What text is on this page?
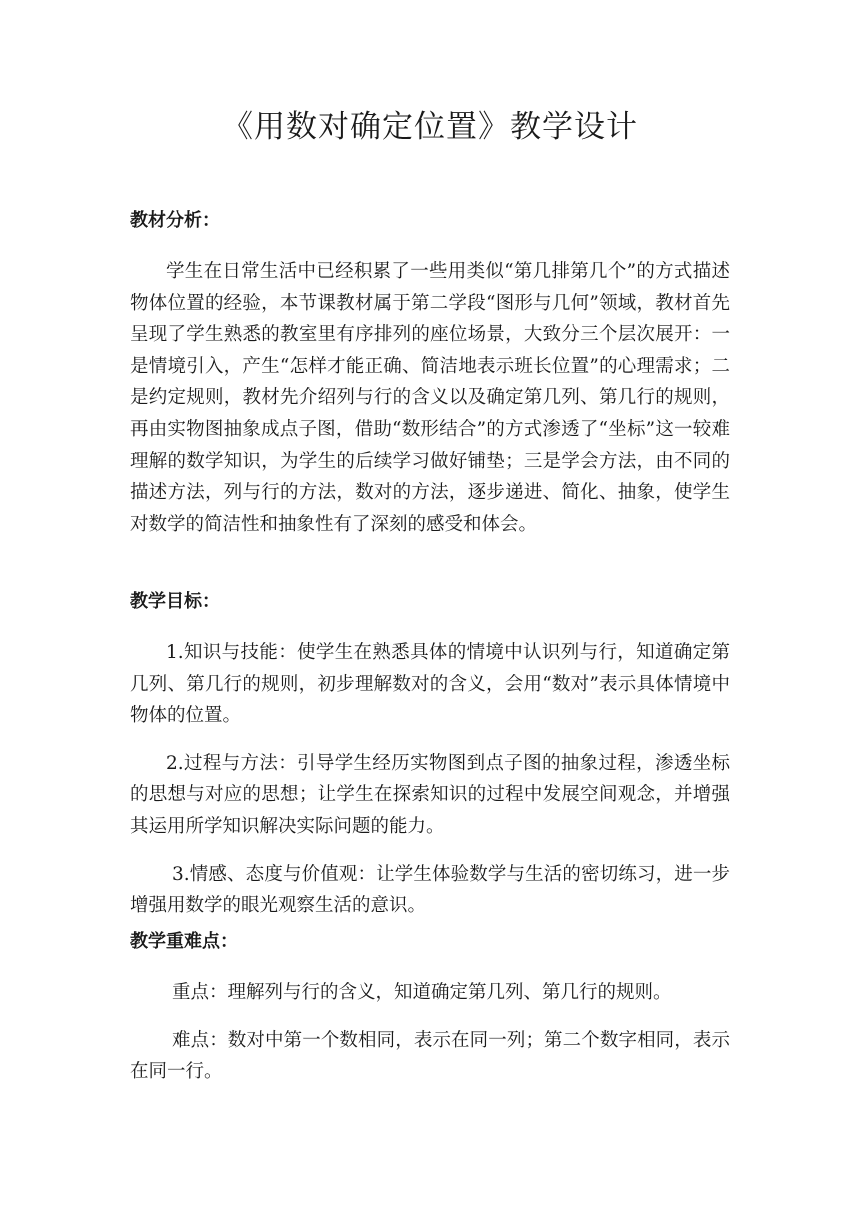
《用数对确定位置》教学设计

教材分析：

学生在日常生活中已经积累了一些用类似“第几排第几个”的方式描述物体位置的经验，本节课教材属于第二学段“图形与几何”领域，教材首先呈现了学生熟悉的教室里有序排列的座位场景，大致分三个层次展开：一是情境引入，产生“怎样才能正确、简洁地表示班长位置”的心理需求；二是约定规则，教材先介绍列与行的含义以及确定第几列、第几行的规则，再由实物图抽象成点子图，借助“数形结合”的方式渗透了“坐标”这一较难理解的数学知识，为学生的后续学习做好铺垫；三是学会方法，由不同的描述方法，列与行的方法，数对的方法，逐步递进、简化、抽象，使学生对数学的简洁性和抽象性有了深刻的感受和体会。

教学目标：

1.知识与技能：使学生在熟悉具体的情境中认识列与行，知道确定第几列、第几行的规则，初步理解数对的含义，会用“数对”表示具体情境中物体的位置。

2.过程与方法：引导学生经历实物图到点子图的抽象过程，渗透坐标的思想与对应的思想；让学生在探索知识的过程中发展空间观念，并增强其运用所学知识解决实际问题的能力。

3.情感、态度与价值观：让学生体验数学与生活的密切练习，进一步增强用数学的眼光观察生活的意识。

教学重难点：

重点：理解列与行的含义，知道确定第几列、第几行的规则。

难点：数对中第一个数相同，表示在同一列；第二个数字相同，表示在同一行。
